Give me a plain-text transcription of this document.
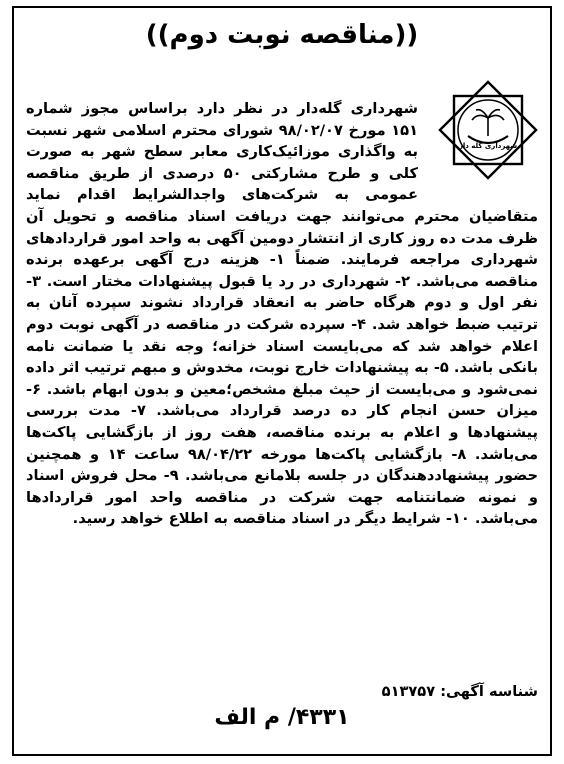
((مناقصه نوبت دوم))
شهرداری گله دار

شهرداری گله‌دار در نظر دارد براساس مجوز شماره ۱۵۱ مورخ ۹۸/۰۲/۰۷ شورای محترم اسلامی شهر نسبت به واگذاری موزائیک‌کاری معابر سطح شهر به صورت کلی و طرح مشارکتی ۵۰ درصدی از طریق مناقصه عمومی به شرکت‌های واجدالشرایط اقدام نماید متقاضیان محترم می‌توانند جهت دریافت اسناد مناقصه و تحویل آن ظرف مدت ده روز کاری از انتشار دومین آگهی به واحد امور قراردادهای شهرداری مراجعه فرمایند. ضمناً ۱- هزینه درج آگهی برعهده برنده مناقصه می‌باشد. ۲- شهرداری در رد یا قبول پیشنهادات مختار است. ۳- نفر اول و دوم هرگاه حاضر به انعقاد قرارداد نشوند سپرده آنان به ترتیب ضبط خواهد شد. ۴- سپرده شرکت در مناقصه در آگهی نوبت دوم اعلام خواهد شد که می‌بایست اسناد خزانه؛ وجه نقد یا ضمانت نامه بانکی باشد. ۵- به پیشنهادات خارج نوبت، مخدوش و مبهم ترتیب اثر داده نمی‌شود و می‌بایست از حیث مبلغ مشخص؛معین و بدون ابهام باشد. ۶- میزان حسن انجام کار ده درصد قرارداد می‌باشد. ۷- مدت بررسی پیشنهادها و اعلام به برنده مناقصه، هفت روز از بازگشایی پاکت‌ها می‌باشد. ۸- بازگشایی پاکت‌ها مورخه ۹۸/۰۴/۲۲ ساعت ۱۴ و همچنین حضور پیشنهاددهندگان در جلسه بلامانع می‌باشد. ۹- محل فروش اسناد و نمونه ضمانتنامه جهت شرکت در مناقصه واحد امور قراردادها می‌باشد. ۱۰- شرایط دیگر در اسناد مناقصه به اطلاع خواهد رسید.

شناسه آگهی: ۵۱۳۷۵۷
۴۳۳۱/ م الف
